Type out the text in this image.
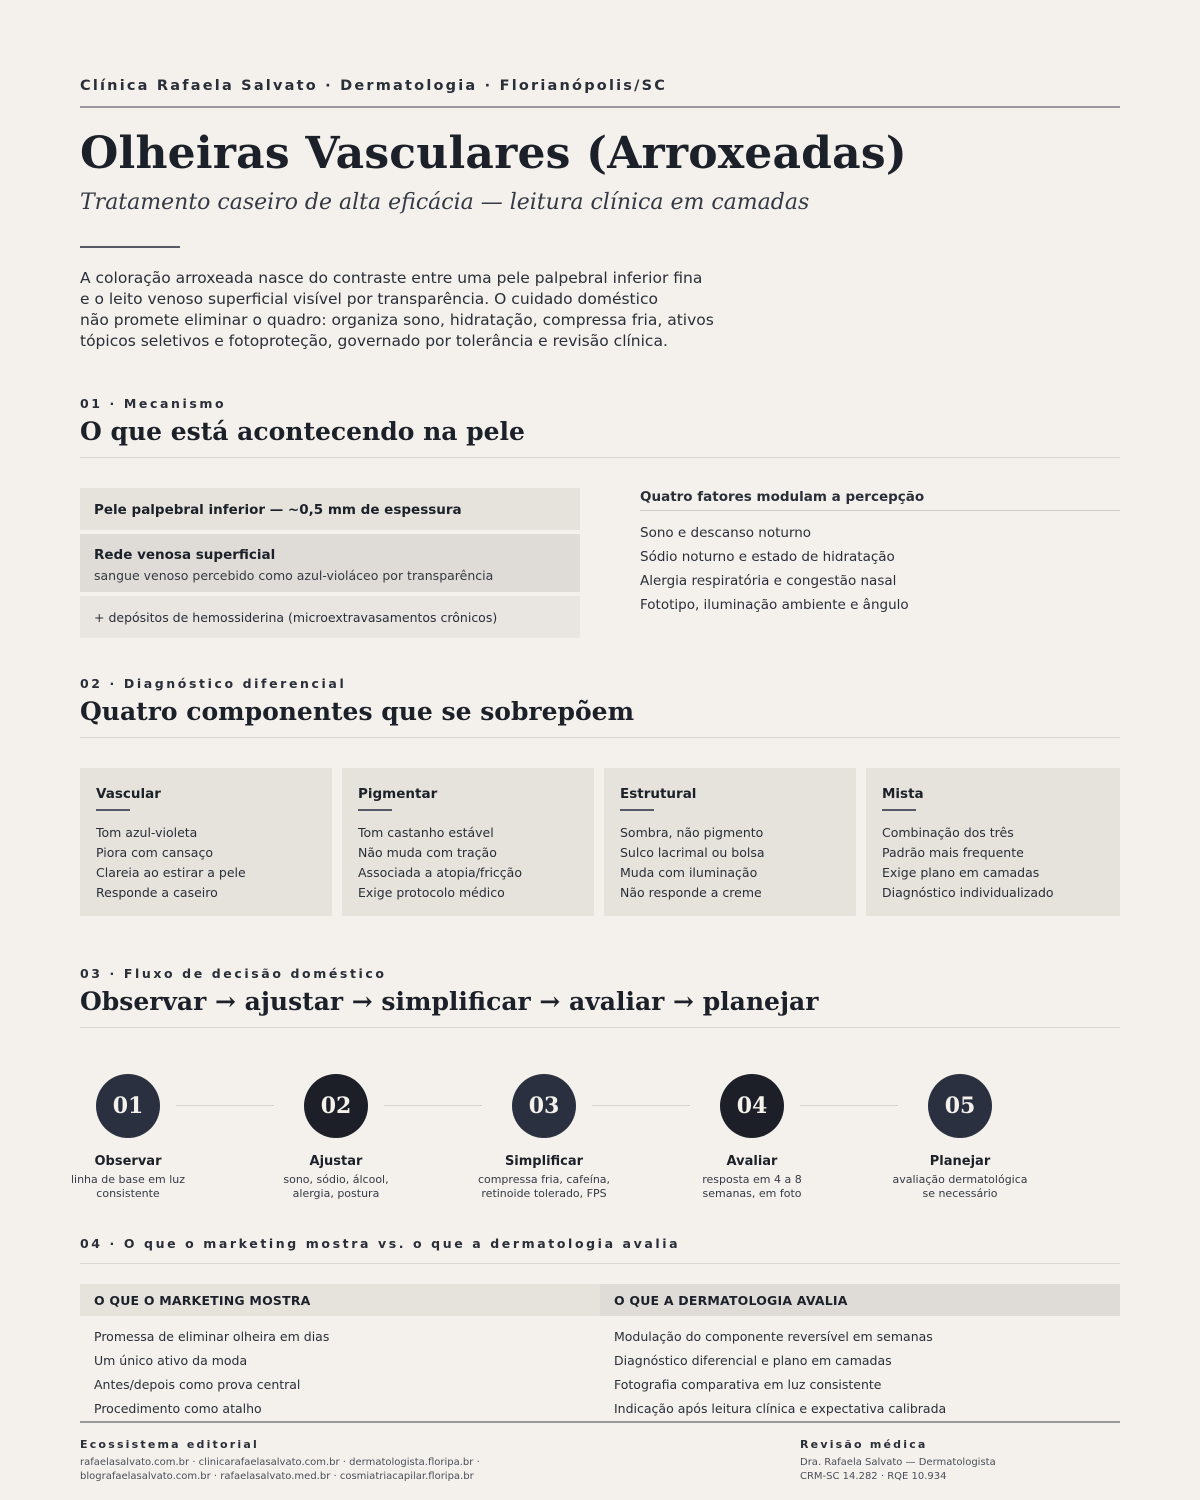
Clínica Rafaela Salvato · Dermatologia · Florianópolis/SC
Olheiras Vasculares (Arroxeadas)
Tratamento caseiro de alta eficácia — leitura clínica em camadas

A coloração arroxeada nasce do contraste entre uma pele palpebral inferior fina
e o leito venoso superficial visível por transparência. O cuidado doméstico
não promete eliminar o quadro: organiza sono, hidratação, compressa fria, ativos
tópicos seletivos e fotoproteção, governado por tolerância e revisão clínica.

01 · Mecanismo
O que está acontecendo na pele
Pele palpebral inferior — ~0,5 mm de espessura
Rede venosa superficial
sangue venoso percebido como azul-violáceo por transparência
+ depósitos de hemossiderina (microextravasamentos crônicos)
Quatro fatores modulam a percepção
Sono e descanso noturno
Sódio noturno e estado de hidratação
Alergia respiratória e congestão nasal
Fototipo, iluminação ambiente e ângulo
02 · Diagnóstico diferencial
Quatro componentes que se sobrepõem
Vascular
Tom azul-violeta
Piora com cansaço
Clareia ao estirar a pele
Responde a caseiro
Pigmentar
Tom castanho estável
Não muda com tração
Associada a atopia/fricção
Exige protocolo médico
Estrutural
Sombra, não pigmento
Sulco lacrimal ou bolsa
Muda com iluminação
Não responde a creme
Mista
Combinação dos três
Padrão mais frequente
Exige plano em camadas
Diagnóstico individualizado
03 · Fluxo de decisão doméstico
Observar → ajustar → simplificar → avaliar → planejar
01
Observar
linha de base em luz
consistente
02
Ajustar
sono, sódio, álcool,
alergia, postura
03
Simplificar
compressa fria, cafeína,
retinoide tolerado, FPS
04
Avaliar
resposta em 4 a 8
semanas, em foto
05
Planejar
avaliação dermatológica
se necessário
04 · O que o marketing mostra vs. o que a dermatologia avalia
O QUE O MARKETING MOSTRA
Promessa de eliminar olheira em dias
Um único ativo da moda
Antes/depois como prova central
Procedimento como atalho
O QUE A DERMATOLOGIA AVALIA
Modulação do componente reversível em semanas
Diagnóstico diferencial e plano em camadas
Fotografia comparativa em luz consistente
Indicação após leitura clínica e expectativa calibrada
Ecossistema editorial
rafaelasalvato.com.br · clinicarafaelasalvato.com.br · dermatologista.floripa.br ·
blografaelasalvato.com.br · rafaelasalvato.med.br · cosmiatriacapilar.floripa.br
Revisão médica
Dra. Rafaela Salvato — Dermatologista
CRM-SC 14.282 · RQE 10.934
